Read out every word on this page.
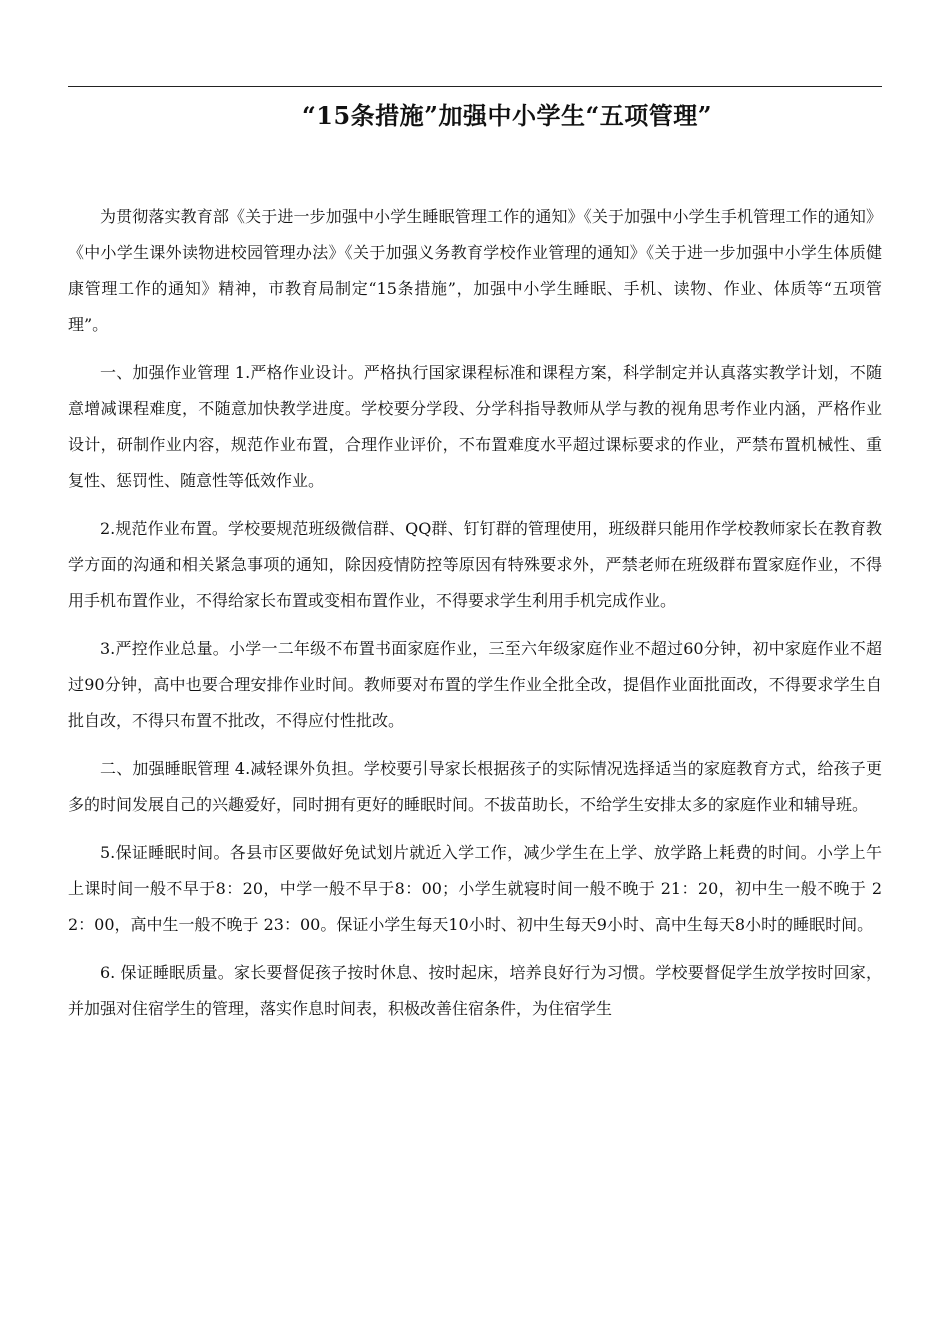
“15条措施”加强中小学生“五项管理”

为贯彻落实教育部《关于进一步加强中小学生睡眠管理工作的通知》《关于加强中小学生手机管理工作的通知》《中小学生课外读物进校园管理办法》《关于加强义务教育学校作业管理的通知》《关于进一步加强中小学生体质健康管理工作的通知》精神，市教育局制定“15条措施”，加强中小学生睡眠、手机、读物、作业、体质等“五项管理”。

一、加强作业管理 1.严格作业设计。严格执行国家课程标准和课程方案，科学制定并认真落实教学计划，不随意增减课程难度，不随意加快教学进度。学校要分学段、分学科指导教师从学与教的视角思考作业内涵，严格作业设计，研制作业内容，规范作业布置，合理作业评价，不布置难度水平超过课标要求的作业，严禁布置机械性、重复性、惩罚性、随意性等低效作业。

2.规范作业布置。学校要规范班级微信群、QQ群、钉钉群的管理使用，班级群只能用作学校教师家长在教育教学方面的沟通和相关紧急事项的通知，除因疫情防控等原因有特殊要求外，严禁老师在班级群布置家庭作业，不得用手机布置作业，不得给家长布置或变相布置作业，不得要求学生利用手机完成作业。

3.严控作业总量。小学一二年级不布置书面家庭作业，三至六年级家庭作业不超过60分钟，初中家庭作业不超过90分钟，高中也要合理安排作业时间。教师要对布置的学生作业全批全改，提倡作业面批面改，不得要求学生自批自改，不得只布置不批改，不得应付性批改。

二、加强睡眠管理 4.减轻课外负担。学校要引导家长根据孩子的实际情况选择适当的家庭教育方式，给孩子更多的时间发展自己的兴趣爱好，同时拥有更好的睡眠时间。不拔苗助长，不给学生安排太多的家庭作业和辅导班。

5.保证睡眠时间。各县市区要做好免试划片就近入学工作，减少学生在上学、放学路上耗费的时间。小学上午上课时间一般不早于8：20，中学一般不早于8：00；小学生就寝时间一般不晚于 21：20，初中生一般不晚于 22：00，高中生一般不晚于 23：00。保证小学生每天10小时、初中生每天9小时、高中生每天8小时的睡眠时间。

6. 保证睡眠质量。家长要督促孩子按时休息、按时起床，培养良好行为习惯。学校要督促学生放学按时回家，并加强对住宿学生的管理，落实作息时间表，积极改善住宿条件，为住宿学生
